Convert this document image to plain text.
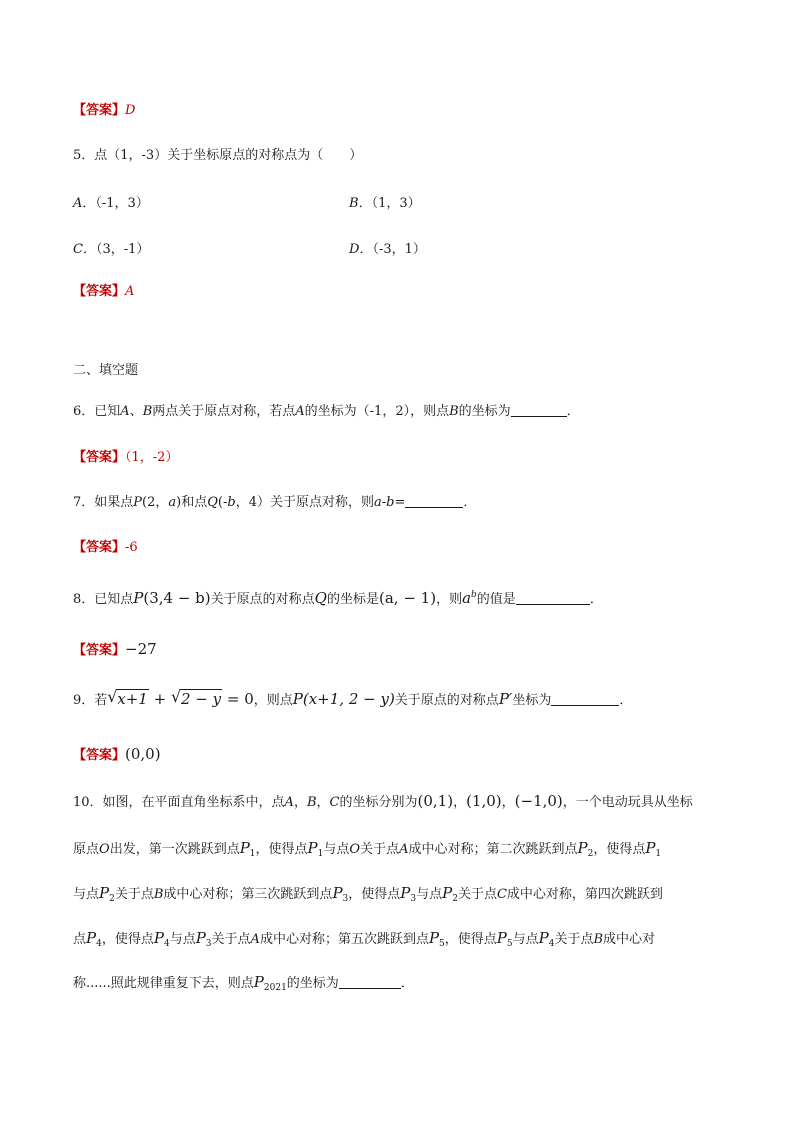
【答案】D
5．点（1，-3）关于坐标原点的对称点为（　　）
A．（-1，3）	B．（1，3）
C．（3，-1）	D．（-3，1）
【答案】A
二、填空题
6．已知A、B两点关于原点对称，若点A的坐标为（-1，2），则点B的坐标为	．
【答案】（1，-2）
7．如果点P(2，a)和点Q(-b，4）关于原点对称，则a-b=	．
【答案】-6
8．已知点P(3,4 − b)关于原点的对称点Q的坐标是(a, − 1)，则$a^b$的值是	．
【答案】−27
9．若 √ x+1 + √ 2 − y = 0，则点P(x+1, 2 − y)关于原点的对称点P′坐标为	．
【答案】(0,0)
10．如图，在平面直角坐标系中，点A，B，C的坐标分别为(0,1)，(1,0)，(−1,0)，一个电动玩具从坐标
原点O出发，第一次跳跃到点$P_1$，使得点$P_1$与点O关于点A成中心对称；第二次跳跃到点$P_2$，使得点$P_1$
与点$P_2$关于点B成中心对称；第三次跳跃到点$P_3$，使得点$P_3$与点$P_2$关于点C成中心对称，第四次跳跃到
点$P_4$，使得点$P_4$与点$P_3$关于点A成中心对称；第五次跳跃到点$P_5$，使得点$P_5$与点$P_4$关于点B成中心对
称......照此规律重复下去，则点$P_{2021}$的坐标为	．
